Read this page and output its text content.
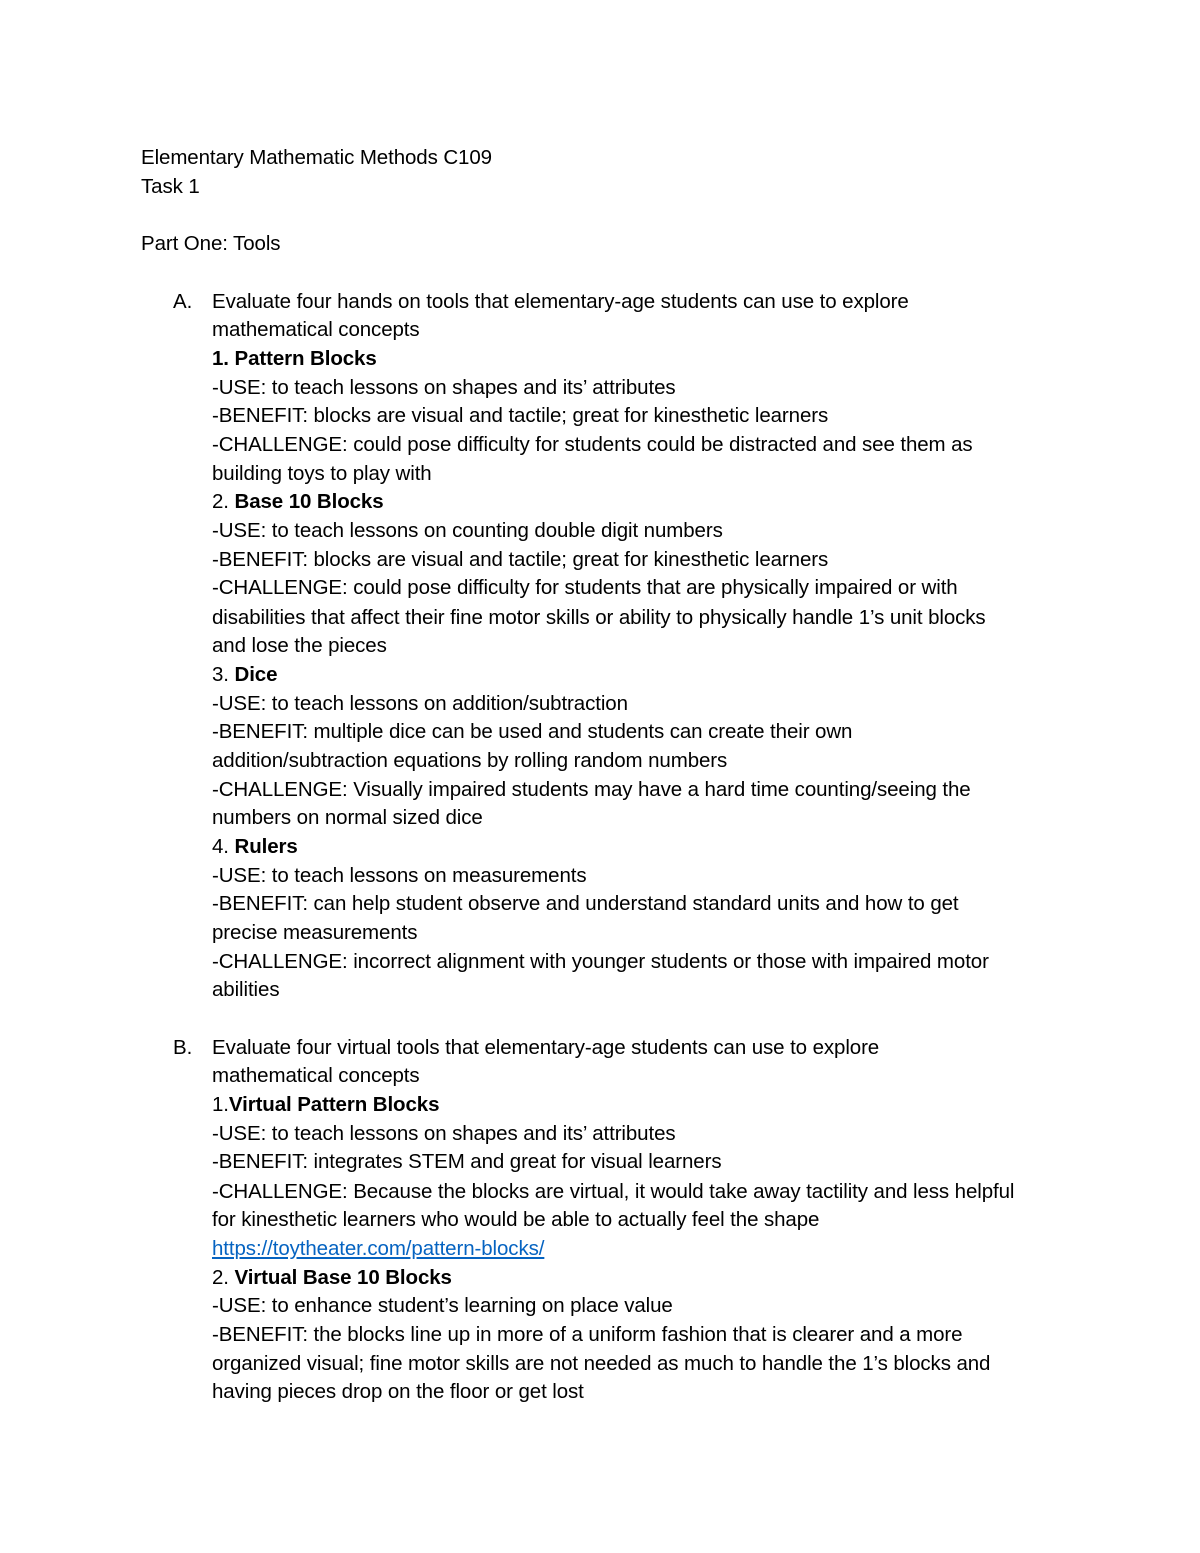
Elementary Mathematic Methods C109
Task 1
Part One: Tools
A. Evaluate four hands on tools that elementary-age students can use to explore
mathematical concepts
1. Pattern Blocks
-USE: to teach lessons on shapes and its’ attributes
-BENEFIT: blocks are visual and tactile; great for kinesthetic learners
-CHALLENGE: could pose difficulty for students could be distracted and see them as
building toys to play with
2. Base 10 Blocks
-USE: to teach lessons on counting double digit numbers
-BENEFIT: blocks are visual and tactile; great for kinesthetic learners
-CHALLENGE: could pose difficulty for students that are physically impaired or with
disabilities that affect their fine motor skills or ability to physically handle 1’s unit blocks
and lose the pieces
3. Dice
-USE: to teach lessons on addition/subtraction
-BENEFIT: multiple dice can be used and students can create their own
addition/subtraction equations by rolling random numbers
-CHALLENGE: Visually impaired students may have a hard time counting/seeing the
numbers on normal sized dice
4. Rulers
-USE: to teach lessons on measurements
-BENEFIT: can help student observe and understand standard units and how to get
precise measurements
-CHALLENGE: incorrect alignment with younger students or those with impaired motor
abilities
B. Evaluate four virtual tools that elementary-age students can use to explore
mathematical concepts
1.Virtual Pattern Blocks
-USE: to teach lessons on shapes and its’ attributes
-BENEFIT: integrates STEM and great for visual learners
-CHALLENGE: Because the blocks are virtual, it would take away tactility and less helpful
for kinesthetic learners who would be able to actually feel the shape
https://toytheater.com/pattern-blocks/
2. Virtual Base 10 Blocks
-USE: to enhance student’s learning on place value
-BENEFIT: the blocks line up in more of a uniform fashion that is clearer and a more
organized visual; fine motor skills are not needed as much to handle the 1’s blocks and
having pieces drop on the floor or get lost
